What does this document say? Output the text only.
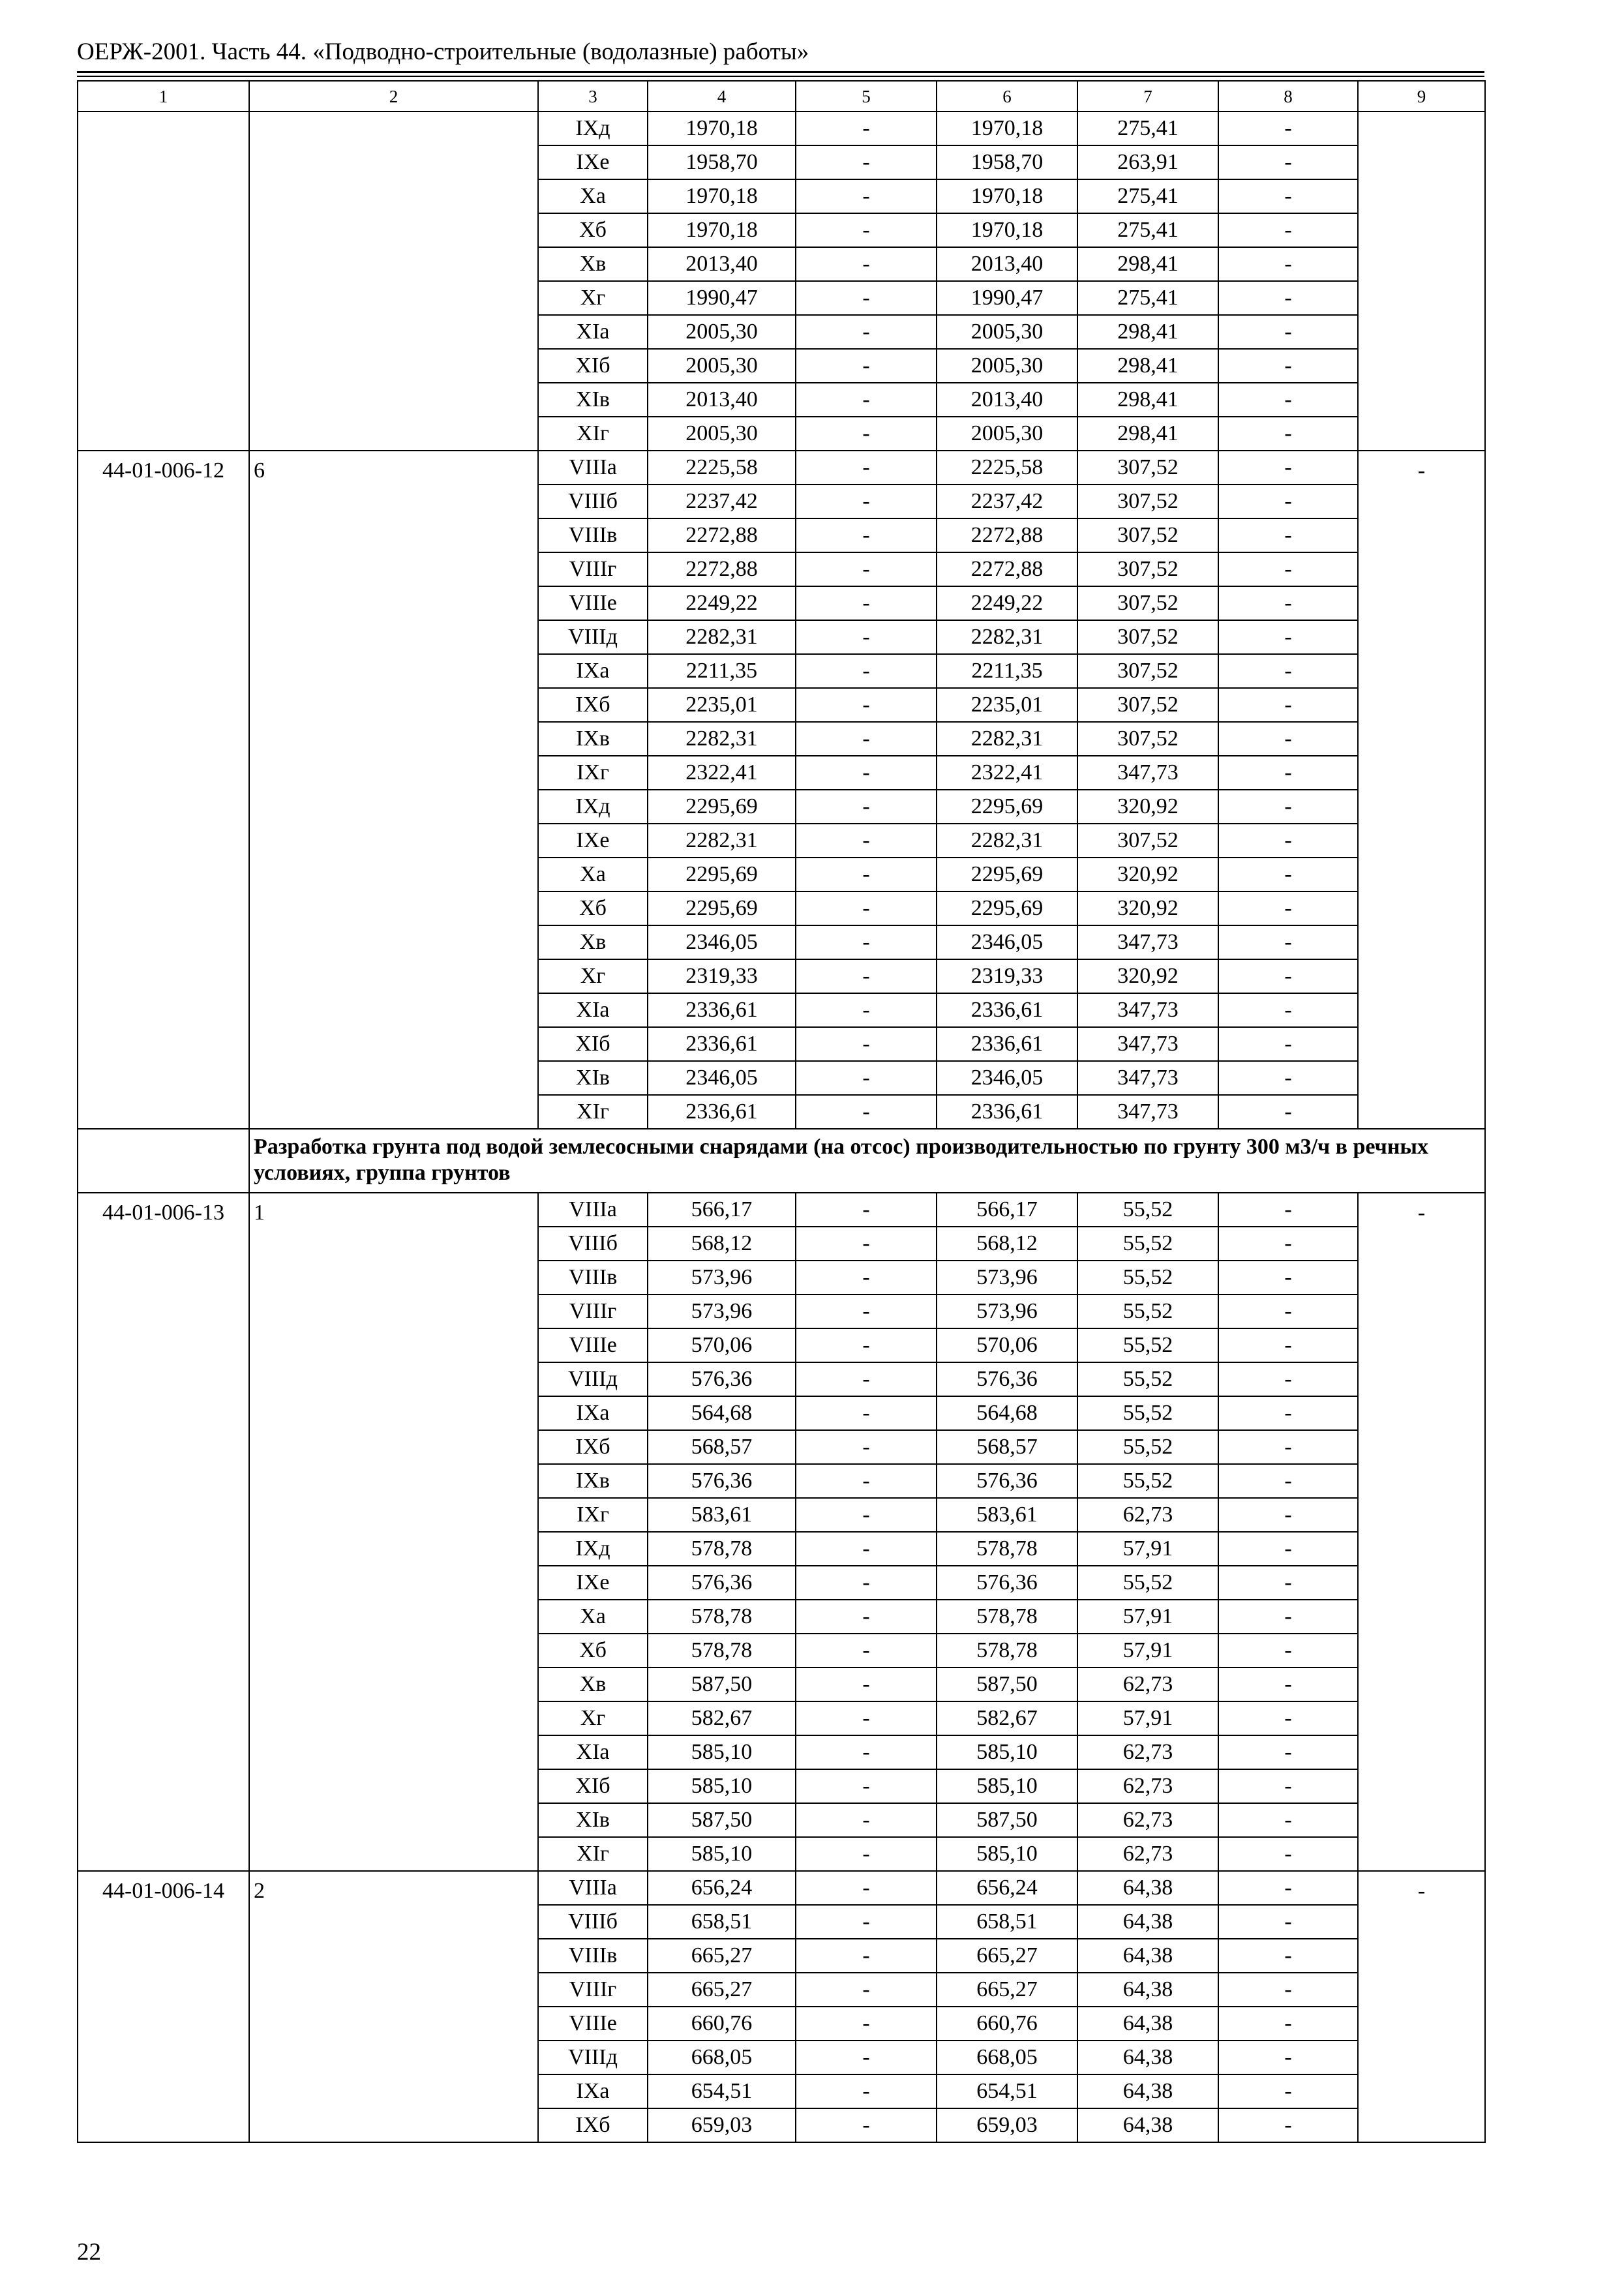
ОЕРЖ-2001. Часть 44. «Подводно-строительные (водолазные) работы»
1	2	3	4	5	6	7	8	9
		IXд	1970,18	-	1970,18	275,41	-	
		IXе	1958,70	-	1958,70	263,91	-	
		Xа	1970,18	-	1970,18	275,41	-	
		Xб	1970,18	-	1970,18	275,41	-	
		Xв	2013,40	-	2013,40	298,41	-	
		Xг	1990,47	-	1990,47	275,41	-	
		XIа	2005,30	-	2005,30	298,41	-	
		XIб	2005,30	-	2005,30	298,41	-	
		XIв	2013,40	-	2013,40	298,41	-	
		XIг	2005,30	-	2005,30	298,41	-	
44-01-006-12	6	VIIIа	2225,58	-	2225,58	307,52	-	-
		VIIIб	2237,42	-	2237,42	307,52	-	
		VIIIв	2272,88	-	2272,88	307,52	-	
		VIIIг	2272,88	-	2272,88	307,52	-	
		VIIIе	2249,22	-	2249,22	307,52	-	
		VIIIд	2282,31	-	2282,31	307,52	-	
		IXа	2211,35	-	2211,35	307,52	-	
		IXб	2235,01	-	2235,01	307,52	-	
		IXв	2282,31	-	2282,31	307,52	-	
		IXг	2322,41	-	2322,41	347,73	-	
		IXд	2295,69	-	2295,69	320,92	-	
		IXе	2282,31	-	2282,31	307,52	-	
		Xа	2295,69	-	2295,69	320,92	-	
		Xб	2295,69	-	2295,69	320,92	-	
		Xв	2346,05	-	2346,05	347,73	-	
		Xг	2319,33	-	2319,33	320,92	-	
		XIа	2336,61	-	2336,61	347,73	-	
		XIб	2336,61	-	2336,61	347,73	-	
		XIв	2346,05	-	2346,05	347,73	-	
		XIг	2336,61	-	2336,61	347,73	-	
	Разработка грунта под водой землесосными снарядами (на отсос) производительностью по грунту 300 м3/ч в речных условиях, группа грунтов							
44-01-006-13	1	VIIIа	566,17	-	566,17	55,52	-	-
		VIIIб	568,12	-	568,12	55,52	-	
		VIIIв	573,96	-	573,96	55,52	-	
		VIIIг	573,96	-	573,96	55,52	-	
		VIIIе	570,06	-	570,06	55,52	-	
		VIIIд	576,36	-	576,36	55,52	-	
		IXа	564,68	-	564,68	55,52	-	
		IXб	568,57	-	568,57	55,52	-	
		IXв	576,36	-	576,36	55,52	-	
		IXг	583,61	-	583,61	62,73	-	
		IXд	578,78	-	578,78	57,91	-	
		IXе	576,36	-	576,36	55,52	-	
		Xа	578,78	-	578,78	57,91	-	
		Xб	578,78	-	578,78	57,91	-	
		Xв	587,50	-	587,50	62,73	-	
		Xг	582,67	-	582,67	57,91	-	
		XIа	585,10	-	585,10	62,73	-	
		XIб	585,10	-	585,10	62,73	-	
		XIв	587,50	-	587,50	62,73	-	
		XIг	585,10	-	585,10	62,73	-	
44-01-006-14	2	VIIIа	656,24	-	656,24	64,38	-	-
		VIIIб	658,51	-	658,51	64,38	-	
		VIIIв	665,27	-	665,27	64,38	-	
		VIIIг	665,27	-	665,27	64,38	-	
		VIIIе	660,76	-	660,76	64,38	-	
		VIIIд	668,05	-	668,05	64,38	-	
		IXа	654,51	-	654,51	64,38	-	
		IXб	659,03	-	659,03	64,38	-	
22
